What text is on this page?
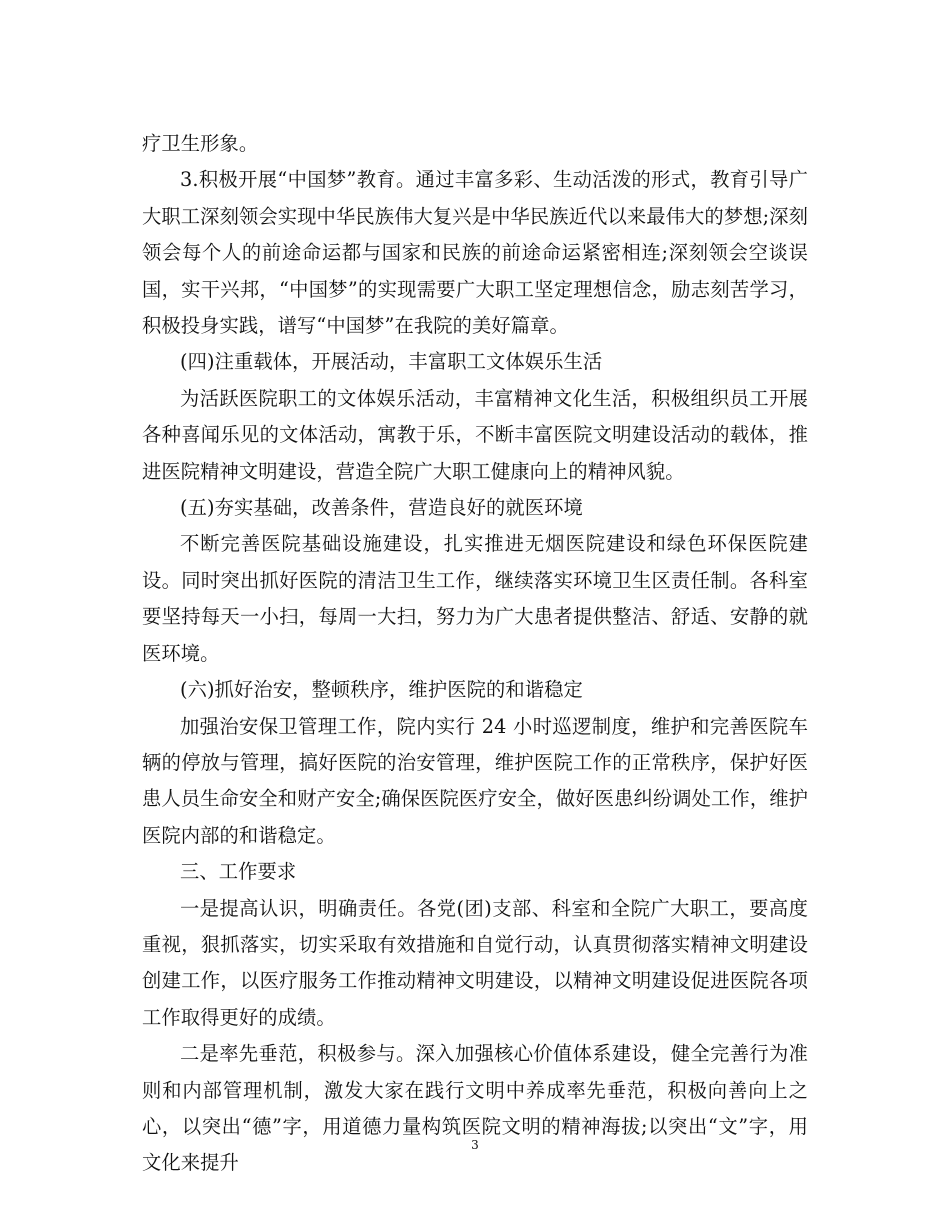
疗卫生形象。

3.积极开展“中国梦”教育。通过丰富多彩、生动活泼的形式，教育引导广大职工深刻领会实现中华民族伟大复兴是中华民族近代以来最伟大的梦想;深刻领会每个人的前途命运都与国家和民族的前途命运紧密相连;深刻领会空谈误国，实干兴邦，“中国梦”的实现需要广大职工坚定理想信念，励志刻苦学习，积极投身实践，谱写“中国梦”在我院的美好篇章。

(四)注重载体，开展活动，丰富职工文体娱乐生活

为活跃医院职工的文体娱乐活动，丰富精神文化生活，积极组织员工开展各种喜闻乐见的文体活动，寓教于乐，不断丰富医院文明建设活动的载体，推进医院精神文明建设，营造全院广大职工健康向上的精神风貌。

(五)夯实基础，改善条件，营造良好的就医环境

不断完善医院基础设施建设，扎实推进无烟医院建设和绿色环保医院建设。同时突出抓好医院的清洁卫生工作，继续落实环境卫生区责任制。各科室要坚持每天一小扫，每周一大扫，努力为广大患者提供整洁、舒适、安静的就医环境。

(六)抓好治安，整顿秩序，维护医院的和谐稳定

加强治安保卫管理工作，院内实行 24 小时巡逻制度，维护和完善医院车辆的停放与管理，搞好医院的治安管理，维护医院工作的正常秩序，保护好医患人员生命安全和财产安全;确保医院医疗安全，做好医患纠纷调处工作，维护医院内部的和谐稳定。

三、工作要求

一是提高认识，明确责任。各党(团)支部、科室和全院广大职工，要高度重视，狠抓落实，切实采取有效措施和自觉行动，认真贯彻落实精神文明建设创建工作，以医疗服务工作推动精神文明建设，以精神文明建设促进医院各项工作取得更好的成绩。

二是率先垂范，积极参与。深入加强核心价值体系建设，健全完善行为准则和内部管理机制，激发大家在践行文明中养成率先垂范，积极向善向上之心，以突出“德”字，用道德力量构筑医院文明的精神海拔;以突出“文”字，用文化来提升

3
